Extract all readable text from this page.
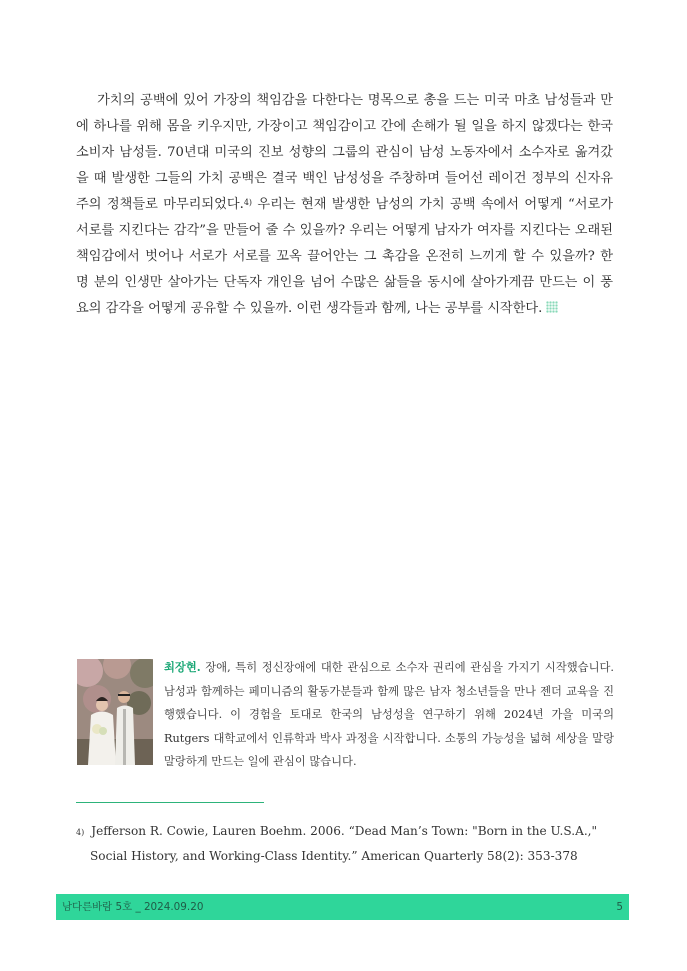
가치의 공백에 있어 가장의 책임감을 다한다는 명목으로 총을 드는 미국 마초 남성들과 만에 하나를 위해 몸을 키우지만, 가장이고 책임감이고 간에 손해가 될 일을 하지 않겠다는 한국 소비자 남성들. 70년대 미국의 진보 성향의 그룹의 관심이 남성 노동자에서 소수자로 옮겨갔을 때 발생한 그들의 가치 공백은 결국 백인 남성성을 주창하며 들어선 레이건 정부의 신자유주의 정책들로 마무리되었다.$^{4)}$ 우리는 현재 발생한 남성의 가치 공백 속에서 어떻게 “서로가 서로를 지킨다는 감각”을 만들어 줄 수 있을까? 우리는 어떻게 남자가 여자를 지킨다는 오래된 책임감에서 벗어나 서로가 서로를 꼬옥 끌어안는 그 촉감을 온전히 느끼게 할 수 있을까? 한 명 분의 인생만 살아가는 단독자 개인을 넘어 수많은 삶들을 동시에 살아가게끔 만드는 이 풍요의 감각을 어떻게 공유할 수 있을까. 이런 생각들과 함께, 나는 공부를 시작한다.

최장현. 장애, 특히 정신장애에 대한 관심으로 소수자 권리에 관심을 가지기 시작했습니다. 남성과 함께하는 페미니즘의 활동가분들과 함께 많은 남자 청소년들을 만나 젠더 교육을 진행했습니다. 이 경험을 토대로 한국의 남성성을 연구하기 위해 2024년 가을 미국의 Rutgers 대학교에서 인류학과 박사 과정을 시작합니다. 소통의 가능성을 넓혀 세상을 말랑말랑하게 만드는 일에 관심이 많습니다.
$^{4)}$ Jefferson R. Cowie, Lauren Boehm. 2006. “Dead Man’s Town: "Born in the U.S.A.," Social History, and Working-Class Identity.” American Quarterly 58(2): 353-378
남다른바람 5호 _ 2024.09.20	5
